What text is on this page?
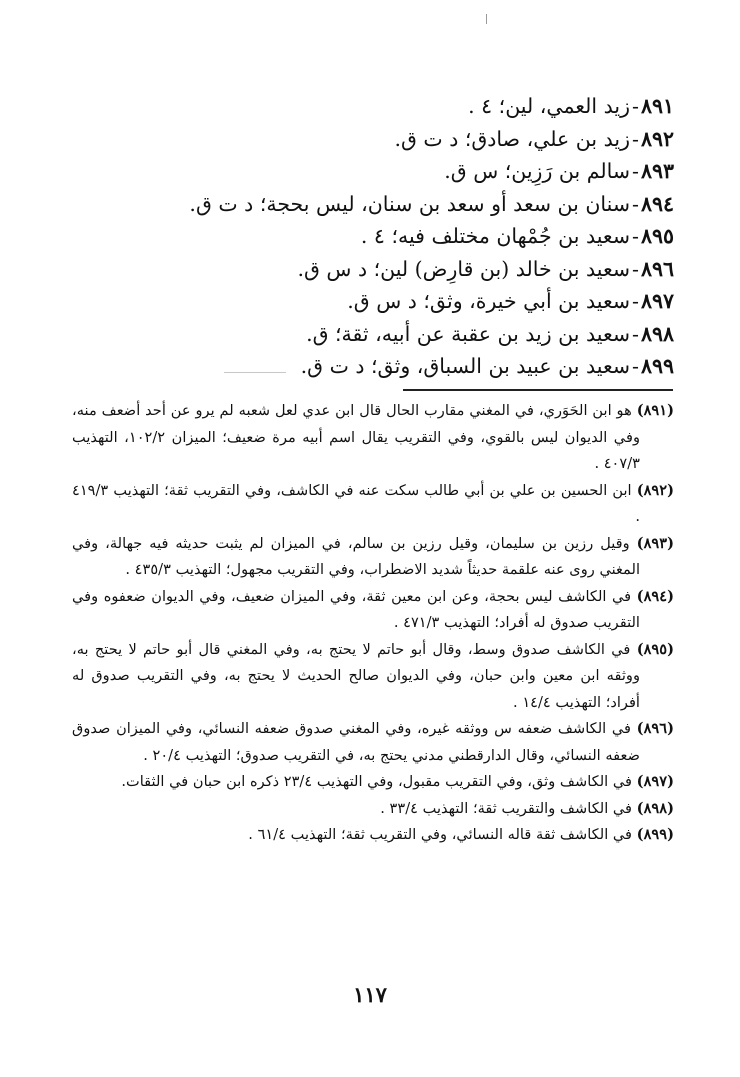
٨٩١-زيد العمي، لين؛ ٤ .
٨٩٢-زيد بن علي، صادق؛ د ت ق.
٨٩٣-سالم بن رَزِين؛ س ق.
٨٩٤-سنان بن سعد أو سعد بن سنان، ليس بحجة؛ د ت ق.
٨٩٥-سعيد بن جُمْهان مختلف فيه؛ ٤ .
٨٩٦-سعيد بن خالد (بن قارِض) لين؛ د س ق.
٨٩٧-سعيد بن أبي خيرة، وثق؛ د س ق.
٨٩٨-سعيد بن زيد بن عقبة عن أبيه، ثقة؛ ق.
٨٩٩-سعيد بن عبيد بن السباق، وثق؛ د ت ق.

(٨٩١) هو ابن الحَوَري، في المغني مقارب الحال قال ابن عدي لعل شعبه لم يرو عن أحد أضعف منه، وفي الديوان ليس بالقوي، وفي التقريب يقال اسم أبيه مرة ضعيف؛ الميزان ١٠٢/٢، التهذيب ٤٠٧/٣ .

(٨٩٢) ابن الحسين بن علي بن أبي طالب سكت عنه في الكاشف، وفي التقريب ثقة؛ التهذيب ٤١٩/٣ .

(٨٩٣) وقيل رزين بن سليمان، وقيل رزين بن سالم، في الميزان لم يثبت حديثه فيه جهالة، وفي المغني روى عنه علقمة حديثاً شديد الاضطراب، وفي التقريب مجهول؛ التهذيب ٤٣٥/٣ .

(٨٩٤) في الكاشف ليس بحجة، وعن ابن معين ثقة، وفي الميزان ضعيف، وفي الديوان ضعفوه وفي التقريب صدوق له أفراد؛ التهذيب ٤٧١/٣ .

(٨٩٥) في الكاشف صدوق وسط، وقال أبو حاتم لا يحتج به، وفي المغني قال أبو حاتم لا يحتج به، ووثقه ابن معين وابن حبان، وفي الديوان صالح الحديث لا يحتج به، وفي التقريب صدوق له أفراد؛ التهذيب ١٤/٤ .

(٨٩٦) في الكاشف ضعفه س ووثقه غيره، وفي المغني صدوق ضعفه النسائي، وفي الميزان صدوق ضعفه النسائي، وقال الدارقطني مدني يحتج به، في التقريب صدوق؛ التهذيب ٢٠/٤ .

(٨٩٧) في الكاشف وثق، وفي التقريب مقبول، وفي التهذيب ٢٣/٤ ذكره ابن حبان في الثقات.

(٨٩٨) في الكاشف والتقريب ثقة؛ التهذيب ٣٣/٤ .

(٨٩٩) في الكاشف ثقة قاله النسائي، وفي التقريب ثقة؛ التهذيب ٦١/٤ .

١١٧
